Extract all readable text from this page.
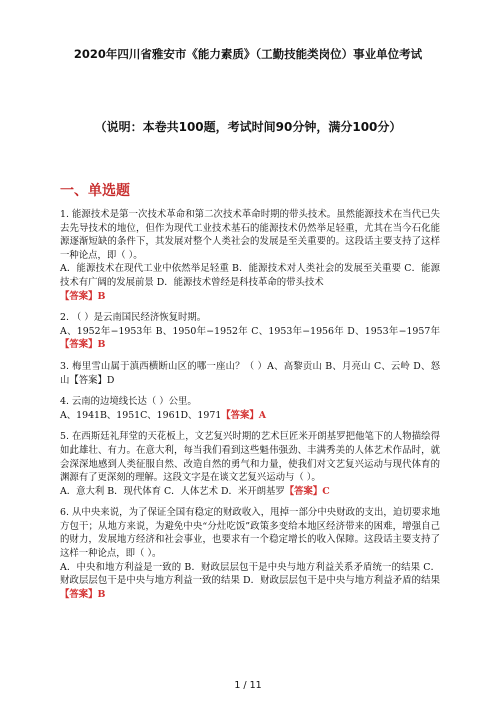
2020年四川省雅安市《能力素质》（工勤技能类岗位）事业单位考试
（说明：本卷共100题，考试时间90分钟，满分100分）
一、单选题

1. 能源技术是第一次技术革命和第二次技术革命时期的带头技术。虽然能源技术在当代已失去先导技术的地位，但作为现代工业技术基石的能源技术仍然举足轻重，尤其在当今石化能源逐渐短缺的条件下，其发展对整个人类社会的发展是至关重要的。这段话主要支持了这样一种论点，即（ ）。

A．能源技术在现代工业中依然举足轻重 B．能源技术对人类社会的发展至关重要 C．能源技术有广阔的发展前景 D．能源技术曾经是科技革命的带头技术

【答案】B

2. （ ）是云南国民经济恢复时期。

A、1952年−1953年 B、1950年−1952年 C、1953年−1956年 D、1953年−1957年【答案】B

3. 梅里雪山属于滇西横断山区的哪一座山？（ ）A、高黎贡山 B、月亮山 C、云岭 D、怒山【答案】D

4. 云南的边境线长达（ ）公里。

A、1941B、1951C、1961D、1971【答案】A

5. 在西斯廷礼拜堂的天花板上，文艺复兴时期的艺术巨匠米开朗基罗把他笔下的人物描绘得如此雄壮、有力。在意大利，每当我们看到这些魁伟强劲、丰满秀美的人体艺术作品时，就会深深地感到人类征服自然、改造自然的勇气和力量，使我们对文艺复兴运动与现代体育的渊源有了更深刻的理解。这段文字是在谈文艺复兴运动与（ ）。

A．意大利 B．现代体育 C．人体艺术 D．米开朗基罗【答案】C

6. 从中央来说，为了保证全国有稳定的财政收入，甩掉一部分中央财政的支出，迫切要求地方包干；从地方来说，为避免中央“分灶吃饭”政策多变给本地区经济带来的困难，增强自己的财力，发展地方经济和社会事业，也要求有一个稳定增长的收入保障。这段话主要支持了这样一种论点，即（ ）。

A．中央和地方利益是一致的 B．财政层层包干是中央与地方利益关系矛盾统一的结果 C．财政层层包干是中央与地方利益一致的结果 D．财政层层包干是中央与地方利益矛盾的结果【答案】B

1 / 11
